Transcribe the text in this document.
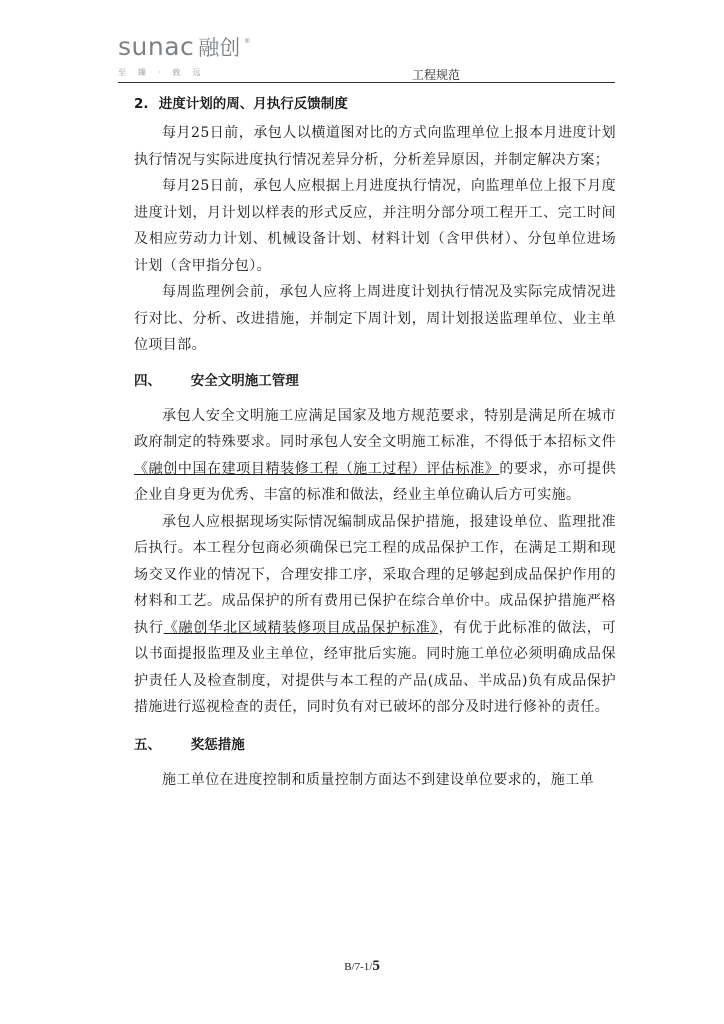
sunac 融创 ®
至臻·致远	工程规范
2. 进度计划的周、月执行反馈制度

每月25日前，承包人以横道图对比的方式向监理单位上报本月进度计划执行情况与实际进度执行情况差异分析，分析差异原因，并制定解决方案；

每月25日前，承包人应根据上月进度执行情况，向监理单位上报下月度进度计划，月计划以样表的形式反应，并注明分部分项工程开工、完工时间及相应劳动力计划、机械设备计划、材料计划（含甲供材）、分包单位进场计划（含甲指分包）。

每周监理例会前，承包人应将上周进度计划执行情况及实际完成情况进行对比、分析、改进措施，并制定下周计划，周计划报送监理单位、业主单位项目部。

四、 安全文明施工管理

承包人安全文明施工应满足国家及地方规范要求，特别是满足所在城市政府制定的特殊要求。同时承包人安全文明施工标准，不得低于本招标文件《融创中国在建项目精装修工程（施工过程）评估标准》的要求，亦可提供企业自身更为优秀、丰富的标准和做法，经业主单位确认后方可实施。

承包人应根据现场实际情况编制成品保护措施，报建设单位、监理批准后执行。本工程分包商必须确保已完工程的成品保护工作，在满足工期和现场交叉作业的情况下，合理安排工序，采取合理的足够起到成品保护作用的材料和工艺。成品保护的所有费用已保护在综合单价中。成品保护措施严格执行《融创华北区域精装修项目成品保护标准》，有优于此标准的做法，可以书面提报监理及业主单位，经审批后实施。同时施工单位必须明确成品保护责任人及检查制度，对提供与本工程的产品(成品、半成品)负有成品保护措施进行巡视检查的责任，同时负有对已破坏的部分及时进行修补的责任。

五、 奖惩措施

施工单位在进度控制和质量控制方面达不到建设单位要求的，施工单

B/7-1/5
